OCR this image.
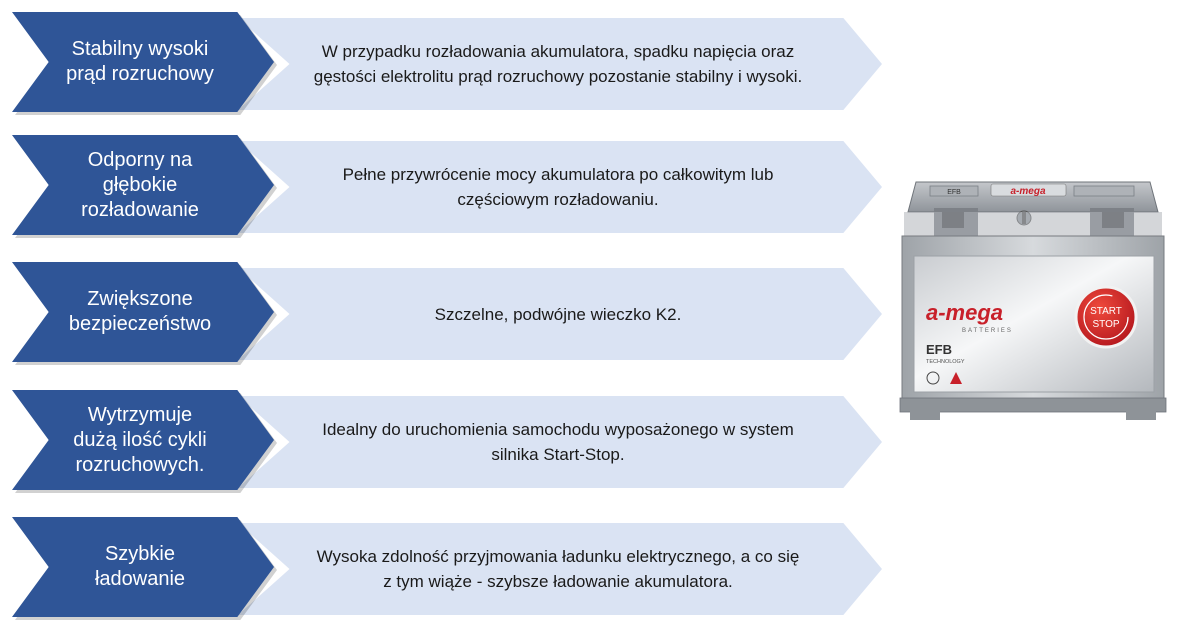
W przypadku rozładowania akumulatora, spadku napięcia oraz
gęstości elektrolitu prąd rozruchowy pozostanie stabilny i wysoki.
Stabilny wysoki
prąd rozruchowy
Pełne przywrócenie mocy akumulatora po całkowitym lub
częściowym rozładowaniu.
Odporny na
głębokie
rozładowanie
Szczelne, podwójne wieczko K2.
Zwiększone
bezpieczeństwo
Idealny do uruchomienia samochodu wyposażonego w system
silnika Start-Stop.
Wytrzymuje
dużą ilość cykli
rozruchowych.
Wysoka zdolność przyjmowania ładunku elektrycznego, a co się
z tym wiąże - szybsze ładowanie akumulatora.
Szybkie
ładowanie
EFB	a-mega
a-mega
BATTERIES
EFB
TECHNOLOGY
START
STOP
